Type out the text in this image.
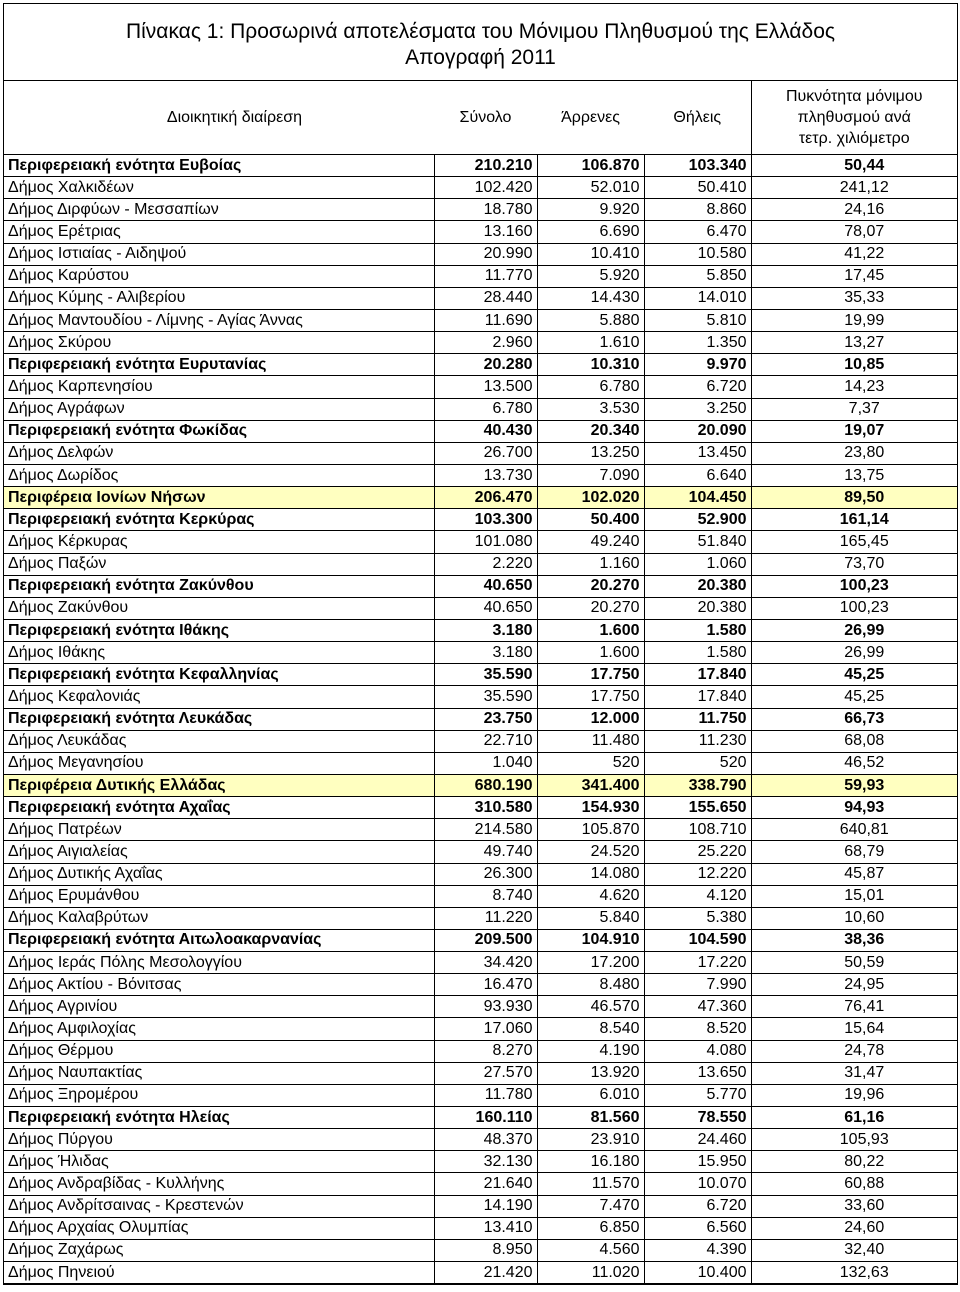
Πίνακας 1: Προσωρινά αποτελέσματα του Μόνιμου Πληθυσμού της Ελλάδος
Απογραφή 2011
Διοικητική διαίρεση	Σύνολο	Άρρενες	Θήλεις	Πυκνότητα μόνιμου
πληθυσμού ανά
τετρ. χιλιόμετρο

Περιφερειακή ενότητα Ευβοίας	210.210	106.870	103.340	50,44
Δήμος Χαλκιδέων	102.420	52.010	50.410	241,12
Δήμος Διρφύων - Μεσσαπίων	18.780	9.920	8.860	24,16
Δήμος Ερέτριας	13.160	6.690	6.470	78,07
Δήμος Ιστιαίας - Αιδηψού	20.990	10.410	10.580	41,22
Δήμος Καρύστου	11.770	5.920	5.850	17,45
Δήμος Κύμης - Αλιβερίου	28.440	14.430	14.010	35,33
Δήμος Μαντουδίου - Λίμνης - Αγίας Άννας	11.690	5.880	5.810	19,99
Δήμος Σκύρου	2.960	1.610	1.350	13,27
Περιφερειακή ενότητα Ευρυτανίας	20.280	10.310	9.970	10,85
Δήμος Καρπενησίου	13.500	6.780	6.720	14,23
Δήμος Αγράφων	6.780	3.530	3.250	7,37
Περιφερειακή ενότητα Φωκίδας	40.430	20.340	20.090	19,07
Δήμος Δελφών	26.700	13.250	13.450	23,80
Δήμος Δωρίδος	13.730	7.090	6.640	13,75
Περιφέρεια Ιονίων Νήσων	206.470	102.020	104.450	89,50
Περιφερειακή ενότητα Κερκύρας	103.300	50.400	52.900	161,14
Δήμος Κέρκυρας	101.080	49.240	51.840	165,45
Δήμος Παξών	2.220	1.160	1.060	73,70
Περιφερειακή ενότητα Ζακύνθου	40.650	20.270	20.380	100,23
Δήμος Ζακύνθου	40.650	20.270	20.380	100,23
Περιφερειακή ενότητα Ιθάκης	3.180	1.600	1.580	26,99
Δήμος Ιθάκης	3.180	1.600	1.580	26,99
Περιφερειακή ενότητα Κεφαλληνίας	35.590	17.750	17.840	45,25
Δήμος Κεφαλονιάς	35.590	17.750	17.840	45,25
Περιφερειακή ενότητα Λευκάδας	23.750	12.000	11.750	66,73
Δήμος Λευκάδας	22.710	11.480	11.230	68,08
Δήμος Μεγανησίου	1.040	520	520	46,52
Περιφέρεια Δυτικής Ελλάδας	680.190	341.400	338.790	59,93
Περιφερειακή ενότητα Αχαΐας	310.580	154.930	155.650	94,93
Δήμος Πατρέων	214.580	105.870	108.710	640,81
Δήμος Αιγιαλείας	49.740	24.520	25.220	68,79
Δήμος Δυτικής Αχαΐας	26.300	14.080	12.220	45,87
Δήμος Ερυμάνθου	8.740	4.620	4.120	15,01
Δήμος Καλαβρύτων	11.220	5.840	5.380	10,60
Περιφερειακή ενότητα Αιτωλοακαρνανίας	209.500	104.910	104.590	38,36
Δήμος Ιεράς Πόλης Μεσολογγίου	34.420	17.200	17.220	50,59
Δήμος Ακτίου - Βόνιτσας	16.470	8.480	7.990	24,95
Δήμος Αγρινίου	93.930	46.570	47.360	76,41
Δήμος Αμφιλοχίας	17.060	8.540	8.520	15,64
Δήμος Θέρμου	8.270	4.190	4.080	24,78
Δήμος Ναυπακτίας	27.570	13.920	13.650	31,47
Δήμος Ξηρομέρου	11.780	6.010	5.770	19,96
Περιφερειακή ενότητα Ηλείας	160.110	81.560	78.550	61,16
Δήμος Πύργου	48.370	23.910	24.460	105,93
Δήμος Ήλιδας	32.130	16.180	15.950	80,22
Δήμος Ανδραβίδας - Κυλλήνης	21.640	11.570	10.070	60,88
Δήμος Ανδρίτσαινας - Κρεστενών	14.190	7.470	6.720	33,60
Δήμος Αρχαίας Ολυμπίας	13.410	6.850	6.560	24,60
Δήμος Ζαχάρως	8.950	4.560	4.390	32,40
Δήμος Πηνειού	21.420	11.020	10.400	132,63
